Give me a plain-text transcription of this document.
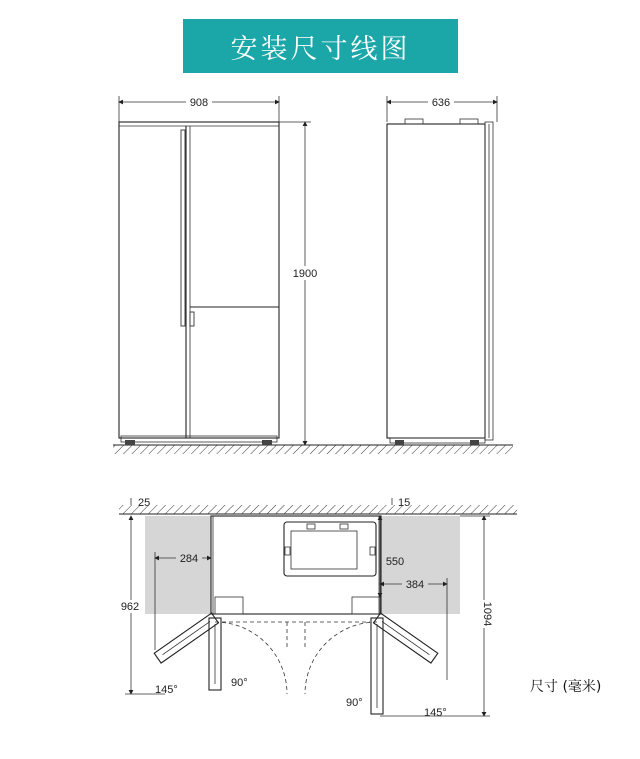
安装尺寸线图
908
1900
636
25	15
962
284	550
384
1094
145°
90°
90°
145°
尺寸 (毫米)
